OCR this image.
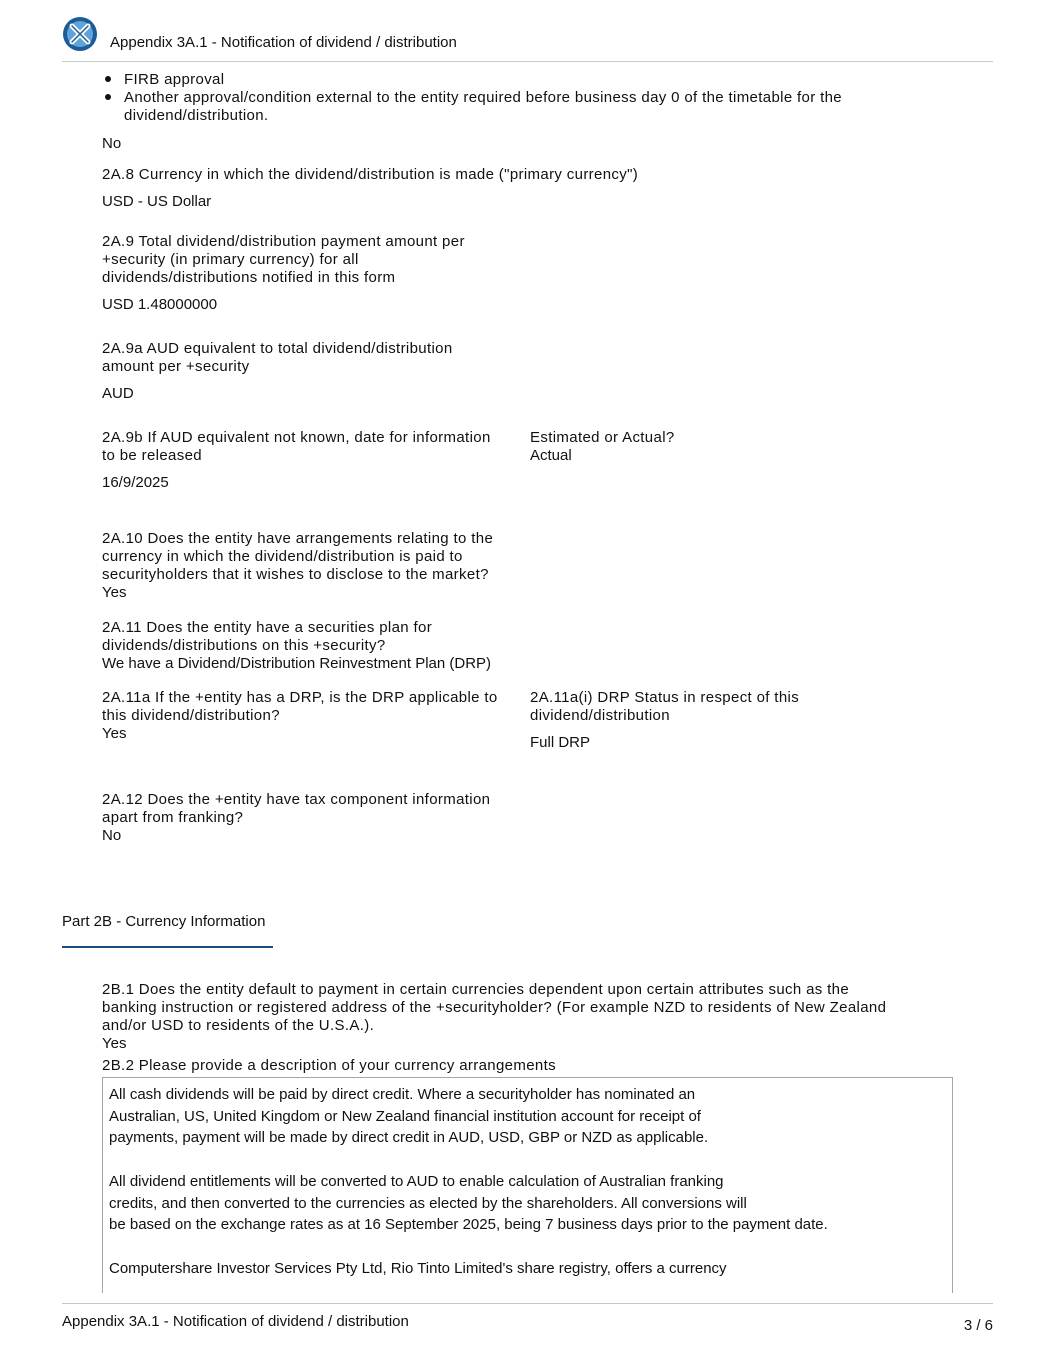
Appendix 3A.1 - Notification of dividend / distribution
FIRB approval
Another approval/condition external to the entity required before business day 0 of the timetable for the dividend/distribution.
No
2A.8 Currency in which the dividend/distribution is made ("primary currency")
USD - US Dollar
2A.9 Total dividend/distribution payment amount per
+security (in primary currency) for all
dividends/distributions notified in this form
USD 1.48000000
2A.9a AUD equivalent to total dividend/distribution
amount per +security
AUD
2A.9b If AUD equivalent not known, date for information
to be released
16/9/2025
Estimated or Actual?
Actual
2A.10 Does the entity have arrangements relating to the
currency in which the dividend/distribution is paid to
securityholders that it wishes to disclose to the market?
Yes
2A.11 Does the entity have a securities plan for
dividends/distributions on this +security?
We have a Dividend/Distribution Reinvestment Plan (DRP)
2A.11a If the +entity has a DRP, is the DRP applicable to
this dividend/distribution?
Yes
2A.11a(i) DRP Status in respect of this
dividend/distribution
Full DRP
2A.12 Does the +entity have tax component information
apart from franking?
No
Part 2B - Currency Information
2B.1 Does the entity default to payment in certain currencies dependent upon certain attributes such as the
banking instruction or registered address of the +securityholder? (For example NZD to residents of New Zealand
and/or USD to residents of the U.S.A.).
Yes
2B.2 Please provide a description of your currency arrangements

All cash dividends will be paid by direct credit. Where a securityholder has nominated an

Australian, US, United Kingdom or New Zealand financial institution account for receipt of

payments, payment will be made by direct credit in AUD, USD, GBP or NZD as applicable.

All dividend entitlements will be converted to AUD to enable calculation of Australian franking

credits, and then converted to the currencies as elected by the shareholders. All conversions will

be based on the exchange rates as at 16 September 2025, being 7 business days prior to the payment date.

Computershare Investor Services Pty Ltd, Rio Tinto Limited's share registry, offers a currency

Appendix 3A.1 - Notification of dividend / distribution	3 / 6
